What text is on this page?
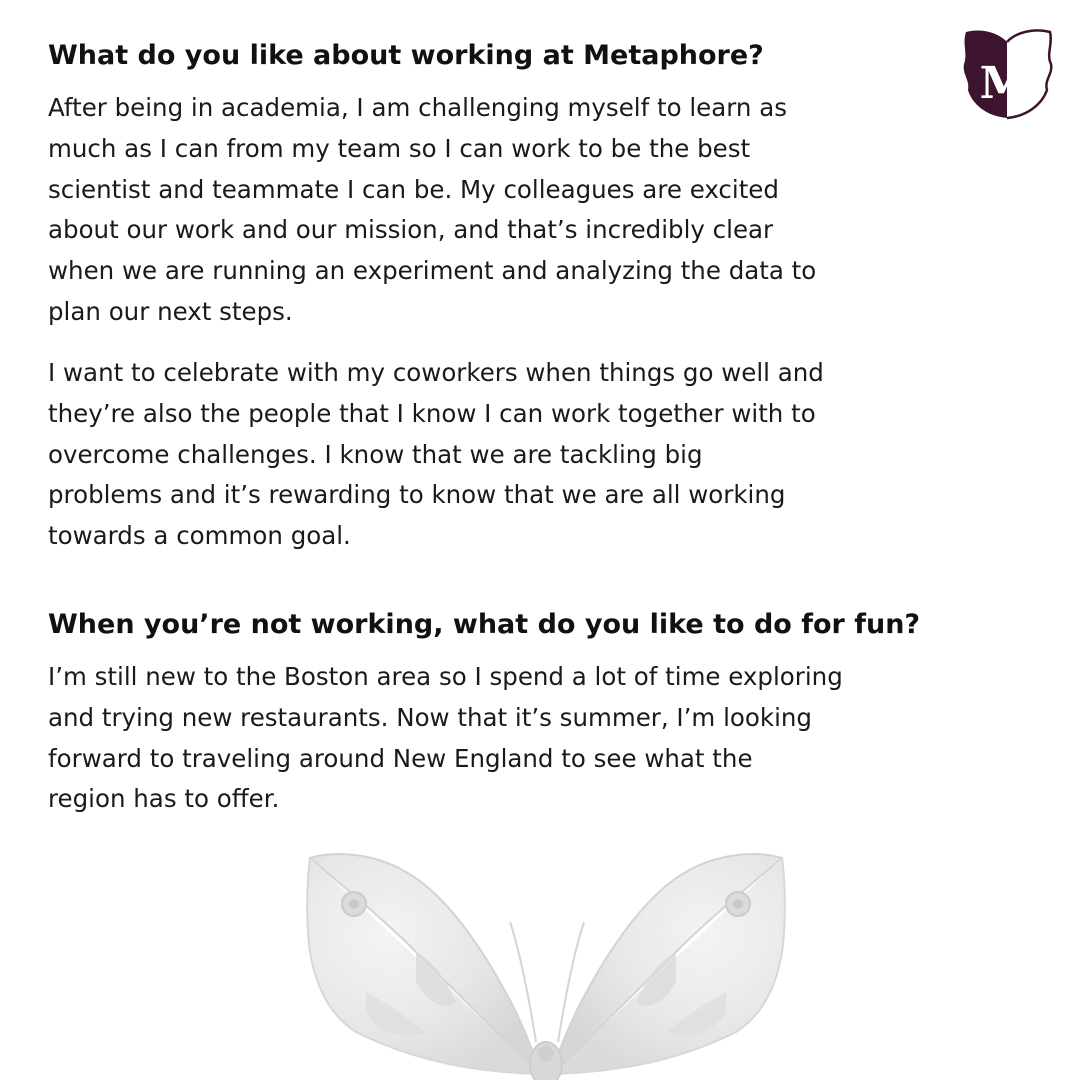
M
What do you like about working at Metaphore?

After being in academia, I am challenging myself to learn as
much as I can from my team so I can work to be the best
scientist and teammate I can be. My colleagues are excited
about our work and our mission, and that’s incredibly clear
when we are running an experiment and analyzing the data to
plan our next steps.

I want to celebrate with my coworkers when things go well and
they’re also the people that I know I can work together with to
overcome challenges. I know that we are tackling big
problems and it’s rewarding to know that we are all working
towards a common goal.

When you’re not working, what do you like to do for fun?

I’m still new to the Boston area so I spend a lot of time exploring
and trying new restaurants. Now that it’s summer, I’m looking
forward to traveling around New England to see what the
region has to offer.
